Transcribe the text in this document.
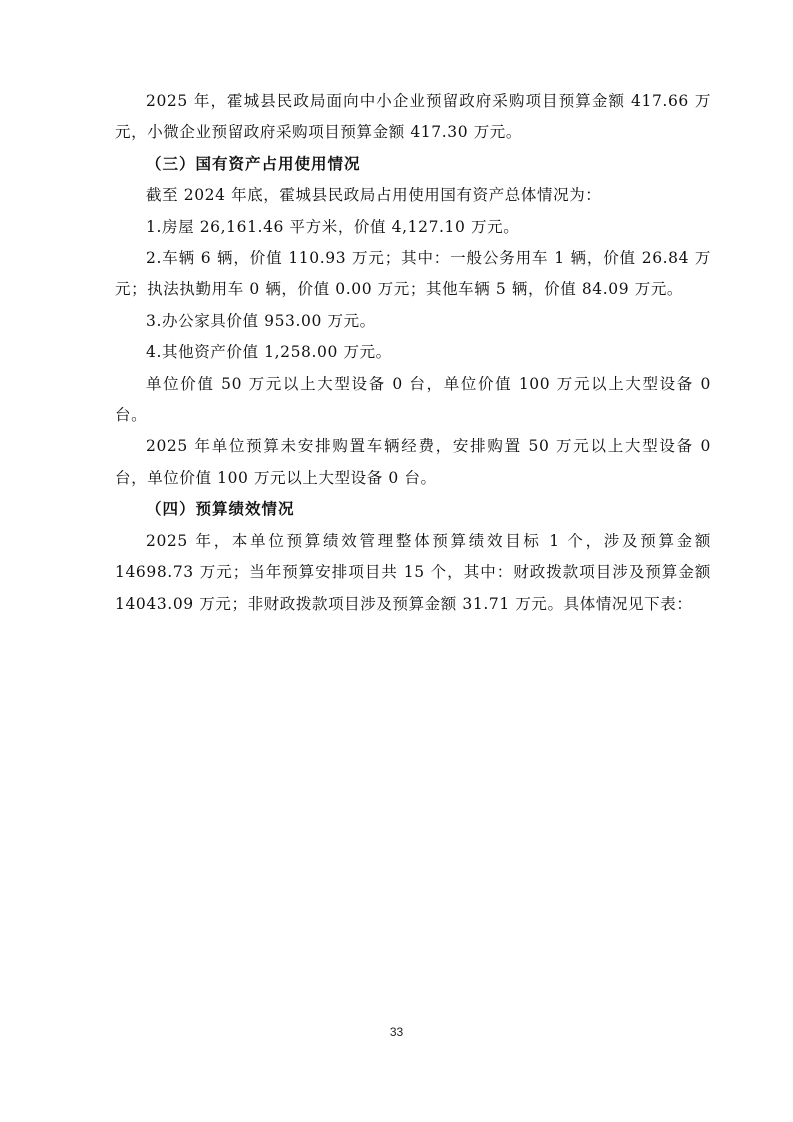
2025 年，霍城县民政局面向中小企业预留政府采购项目预算金额 417.66 万元，小微企业预留政府采购项目预算金额 417.30 万元。

（三）国有资产占用使用情况

截至 2024 年底，霍城县民政局占用使用国有资产总体情况为：

1.房屋 26,161.46 平方米，价值 4,127.10 万元。

2.车辆 6 辆，价值 110.93 万元；其中：一般公务用车 1 辆，价值 26.84 万元；执法执勤用车 0 辆，价值 0.00 万元；其他车辆 5 辆，价值 84.09 万元。

3.办公家具价值 953.00 万元。

4.其他资产价值 1,258.00 万元。

单位价值 50 万元以上大型设备 0 台，单位价值 100 万元以上大型设备 0 台。

2025 年单位预算未安排购置车辆经费，安排购置 50 万元以上大型设备 0 台，单位价值 100 万元以上大型设备 0 台。

（四）预算绩效情况

2025 年，本单位预算绩效管理整体预算绩效目标 1 个，涉及预算金额 14698.73 万元；当年预算安排项目共 15 个，其中：财政拨款项目涉及预算金额 14043.09 万元；非财政拨款项目涉及预算金额 31.71 万元。具体情况见下表：

33
